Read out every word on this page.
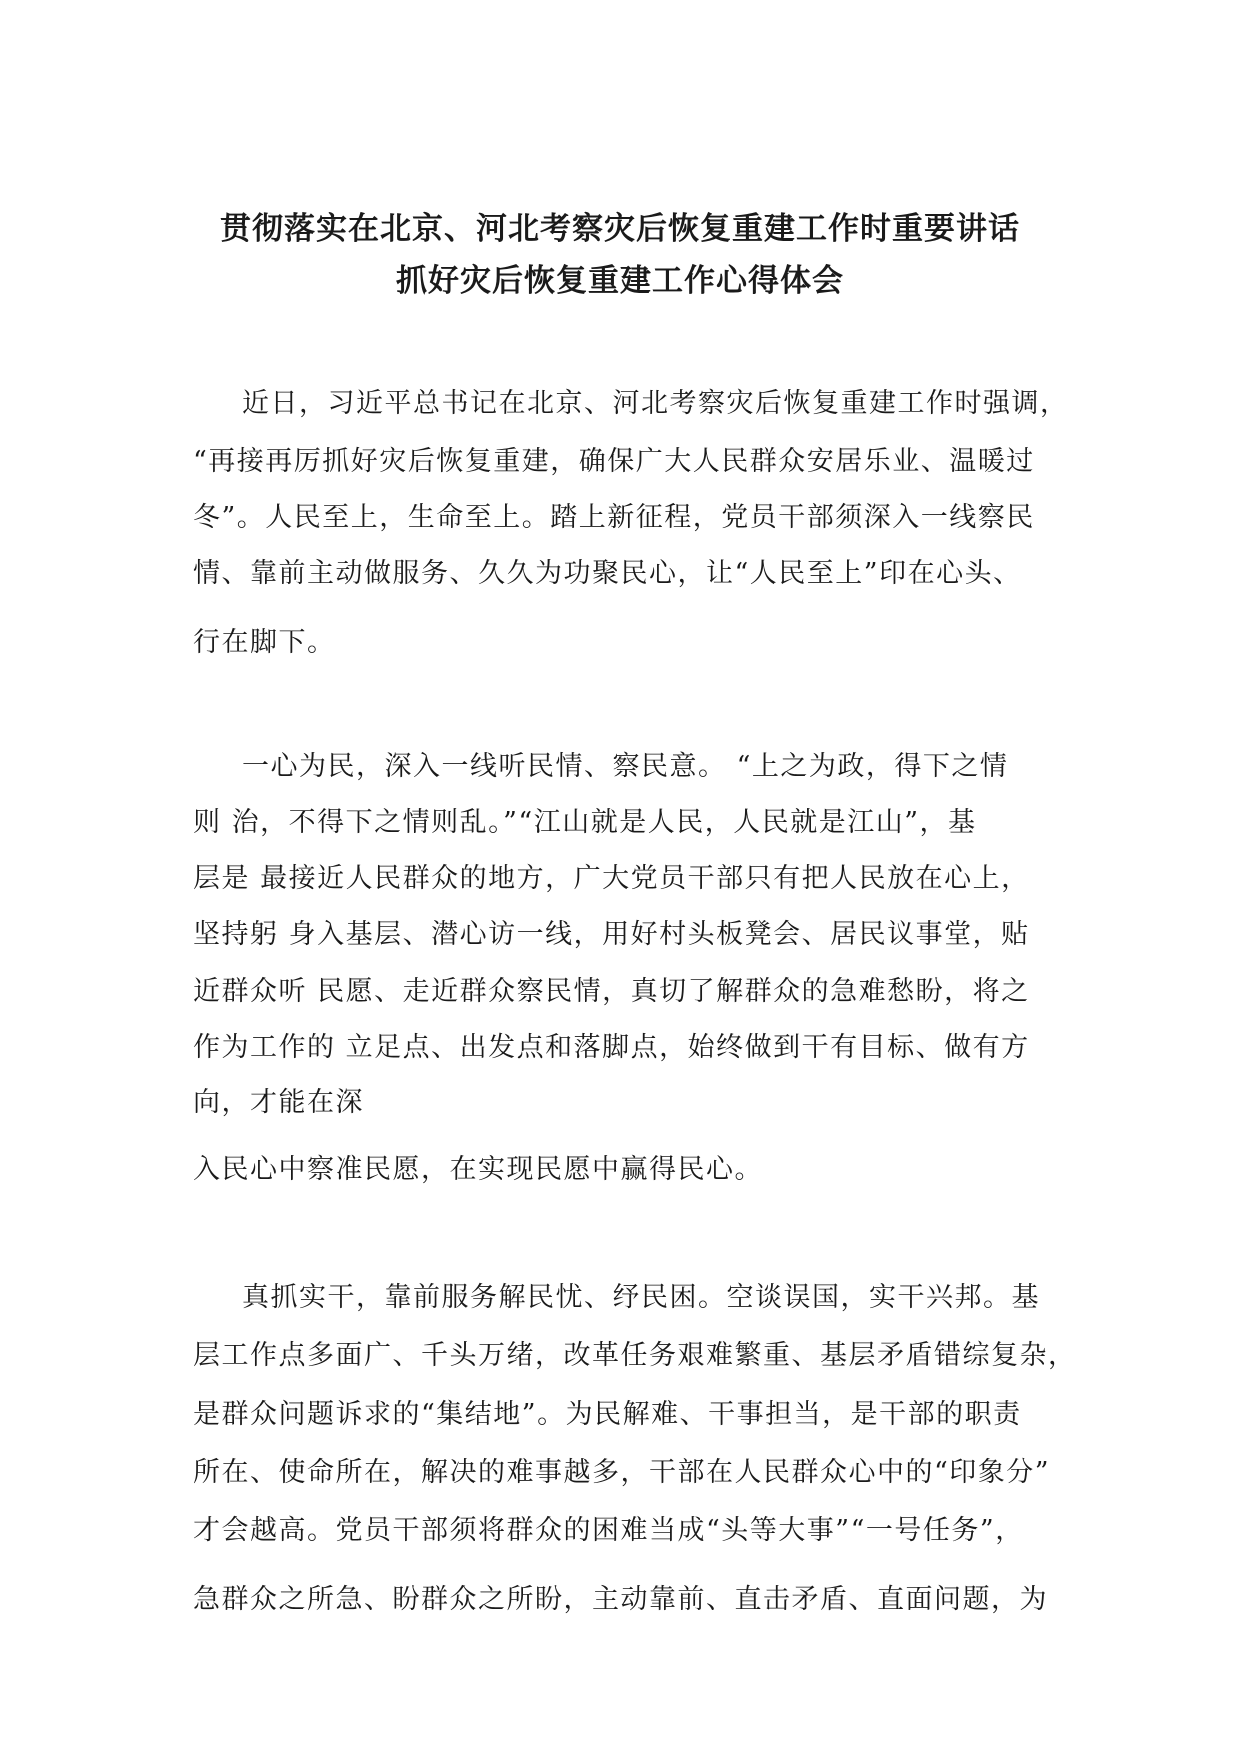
贯彻落实在北京、河北考察灾后恢复重建工作时重要讲话
抓好灾后恢复重建工作心得体会
近日，习近平总书记在北京、河北考察灾后恢复重建工作时强调，
“再接再厉抓好灾后恢复重建，确保广大人民群众安居乐业、温暖过
冬”。人民至上，生命至上。踏上新征程，党员干部须深入一线察民
情、靠前主动做服务、久久为功聚民心，让“人民至上”印在心头、
行在脚下。
一心为民，深入一线听民情、察民意。 “上之为政，得下之情
则 治，不得下之情则乱。”“江山就是人民，人民就是江山”，基
层是 最接近人民群众的地方，广大党员干部只有把人民放在心上，
坚持躬 身入基层、潜心访一线，用好村头板凳会、居民议事堂，贴
近群众听 民愿、走近群众察民情，真切了解群众的急难愁盼，将之
作为工作的 立足点、出发点和落脚点，始终做到干有目标、做有方
向，才能在深
入民心中察准民愿，在实现民愿中赢得民心。
真抓实干，靠前服务解民忧、纾民困。空谈误国，实干兴邦。基
层工作点多面广、千头万绪，改革任务艰难繁重、基层矛盾错综复杂，
是群众问题诉求的“集结地”。为民解难、干事担当，是干部的职责
所在、使命所在，解决的难事越多，干部在人民群众心中的“印象分”
才会越高。党员干部须将群众的困难当成“头等大事”“一号任务”，
急群众之所急、盼群众之所盼，主动靠前、直击矛盾、直面问题，为
